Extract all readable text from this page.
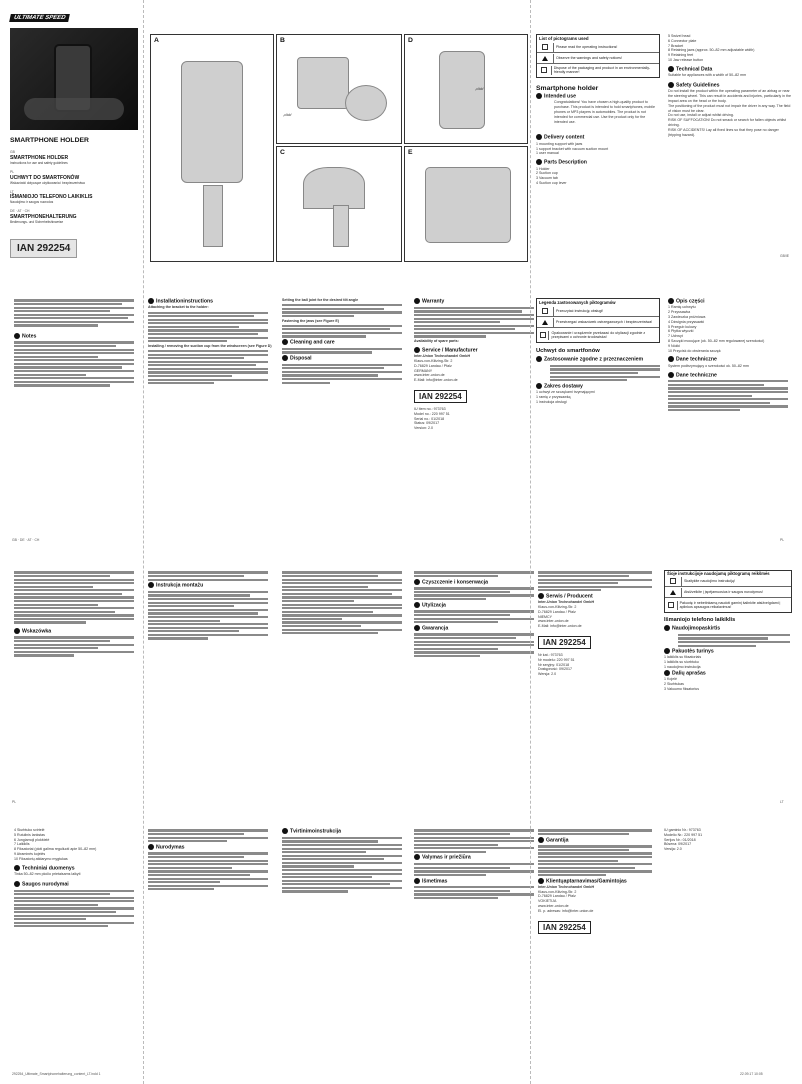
ULTIMATE SPEED
SMARTPHONE HOLDER
GB
SMARTPHONE HOLDER
Instructions for use and safety guidelines
PL
UCHWYT DO SMARTFONÓW
Wskazówki dotyczące użytkowania i bezpieczeństwa
LT
IŠMANIOJO TELEFONO LAIKIKLIS
Naudojimo ir saugos nuorodos
DE · AT · CH
SMARTPHONEHALTERUNG
Bedienungs- und Sicherheitshinweise
IAN 292254
A	B
„click“
C
D
„click“
E
List of pictograms used
Please read the operating instructions!
Observe the warnings and safety notices!
Dispose of the packaging and product in an environmentally-friendly manner!
Smartphone holder
Intended use
Congratulations! You have chosen a high-quality product to purchase. This product is intended to hold smartphones, mobile phones or MP3 players in automobiles. The product is not intended for commercial use. Use the product only for the intended use.
Delivery content
1 mounting support with jaws
1 support bracket with vacuum suction mount
1 user manual
Parts Description
1 Holder
2 Suction cup
3 Vacuum tab
4 Suction cup lever
5 Swivel head
6 Connector plate
7 Bracket
8 Retaining jaws (approx. 50–82 mm adjustable width)
9 Retaining feet
10 Jaw release button
Technical Data
Suitable for appliances with a width of 50–82 mm
Safety Guidelines
Do not install the product within the operating parameter of an airbag or near the steering wheel. This can result in accidents and injuries, particularly in the impact area on the head or the body.
The positioning of the product must not impair the driver in any way. The field of vision must be clear.
Do not use, install or adjust whilst driving.
RISK OF SUFFOCATION! Do not smack or search for fallen objects whilst driving.
RISK OF ACCIDENTS! Lay all fixed lines so that they pose no danger (tripping hazard).
GB/IE
Notes
Installationinstructions
Attaching the bracket to the holder:
Installing / removing the suction cup from the windscreen (see Figure D)
Setting the ball joint for the desired tilt angle
Fastening the jaws (see Figure E)
Cleaning and care
Disposal
Warranty
Availability of spare parts:
Service / Manufacturer
Inter-Union Technohandel GmbH
Klaus-von-Klitzing-Str. 2
D-76829 Landau / Pfalz
GERMANY
www.inter-union.de
E-Mail: info@inter-union.de
IAN 292254
IU Item no.: 973763
Model no.: 220 997 51
Serial no.: 01/2018
Status: 09/2017
Version: 2.0
Legenda zastosowanych piktogramów
Przeczytać instrukcję obsługi!
Przestrzegać wskazówek ostrzegawczych i bezpieczeństwa!
Opakowanie i urządzenie przekazać do utylizacji zgodnie z przepisami o ochronie środowiska!
Uchwyt do smartfonów
Zastosowanie zgodne z przeznaczeniem
Zakres dostawy
1 uchwyt ze szczękami trzymającymi
1 ramię z przyssawką
1 instrukcja obsługi
Opis części
1 Ramię uchwytu
2 Przyssawka
3 Zawleczka próżniowa
4 Dźwignia przyssawki
5 Przegub kulowy
6 Płytka wtyczki
7 Uchwyt
8 Szczęki mocujące (ok. 50–82 mm regulowanej szerokości)
9 Nóżki
10 Przycisk do otwierania szczęk
Dane techniczne
System podtrzymujący o szerokości ok. 50–82 mm
Dane techniczne
GB · DE · AT · CH	PL
Wskazówka
Instrukcja montażu
Czyszczenie i konserwacja
Utylizacja
Gwarancja
Serwis / Producent
Inter-Union Technohandel GmbH
Klaus-von-Klitzing-Str. 2
D-76829 Landau / Pfalz
NIEMCY
www.inter-union.de
E-Mail: info@inter-union.de
IAN 292254
Nr kat.: 973763
Nr modelu: 220 997 51
Nr seryjny: 01/2018
Dostępność: 09/2017
Wersja: 2.0
Šioje instrukcijoje naudojamų piktogramų reikšmės
Skaitykite naudojimo instrukciją!
Atsižvelkite į įspėjamuosius ir saugos nurodymus!
Pakuotę ir nebetinkamą naudoti gaminį šalinkite atsižvelgdami į aplinkos apsaugos reikalavimus!
Išmaniojo telefono laikiklis
Naudojimopaskirtis
Pakuotės turinys
1 laikiklis su fiksatoriais
1 laikiklis su siurbtuku
1 naudojimo instrukcija
Dalių aprašas
1 Kojelė
2 Siurbtukas
3 Vakuumo fiksatorius
PL	LT
4 Siurbtuko svirtelė
5 Rutulinis lankstas
6 Jungiamoji plokštelė
7 Laikiklis
8 Fiksatoriai (ploti galima reguliuoti apie 50–82 mm)
9 Atraminės kojelės
10 Fiksatorių atidarymo mygtukas
Techniniai duomenys
Tinka 50–82 mm pločio prietaisams laikyti
Saugos nurodymai
Nurodymas
Tvirtinimoinstrukcija
Valymas ir priežiūra
Išmetimas
Garantija
Klientųaptarnavimas/Gamintojas
Inter-Union Technohandel GmbH
Klaus-von-Klitzing-Str. 2
D-76829 Landau / Pfalz
VOKIETIJA
www.inter-union.de
El. p. adresas: info@inter-union.de
IAN 292254
IU gaminio Nr.: 973763
Modelio Nr.: 220 997 51
Serijos Nr.: 01/2018
Būsena: 09/2017
Versija: 2.0
292254_Ultimate_Smartphonehalterung_content_LT.indd 1	22.09.17 10:05
